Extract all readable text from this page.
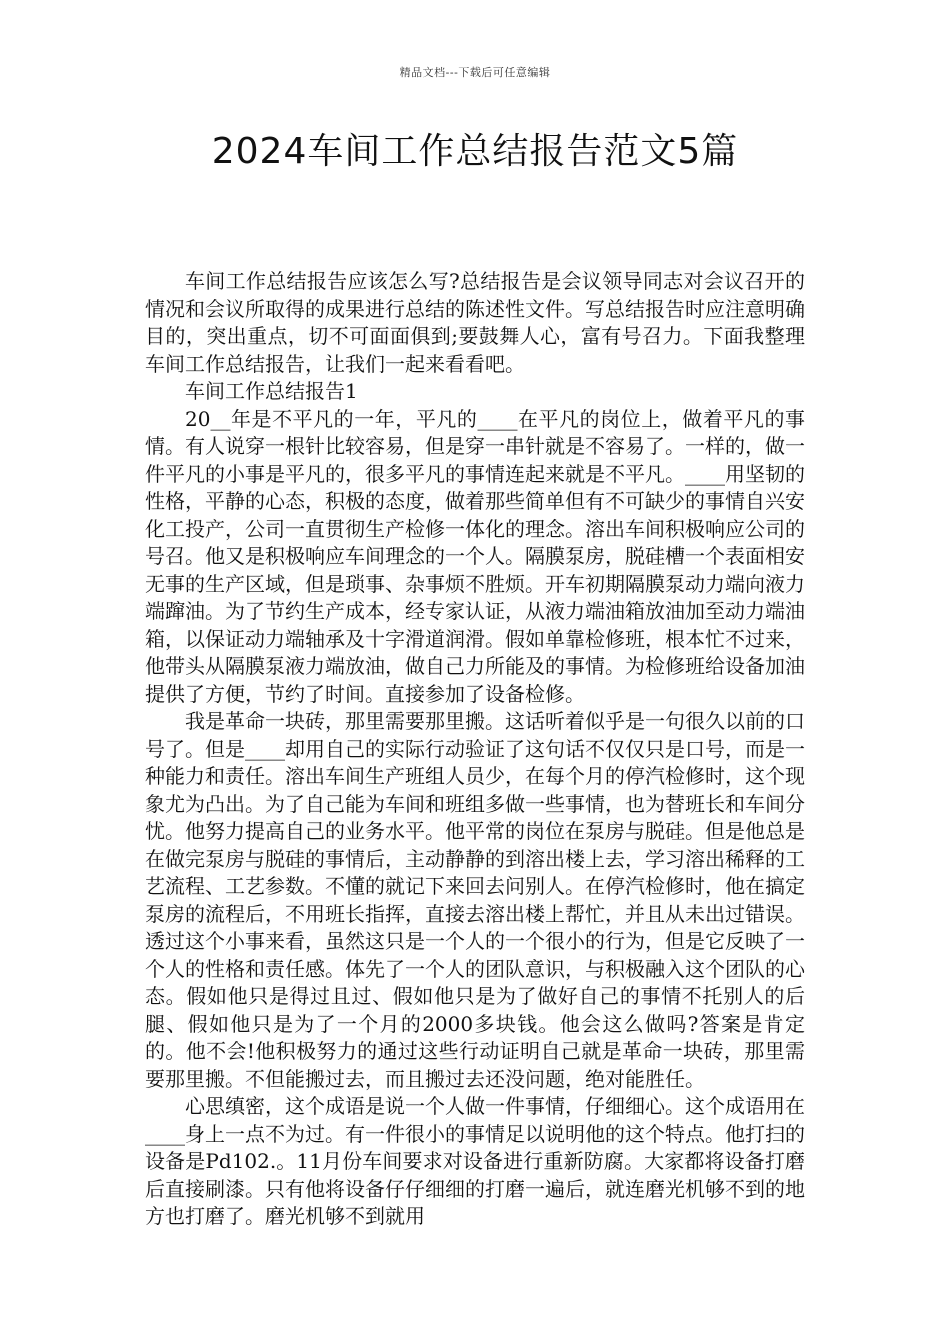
精品文档---下载后可任意编辑
2024车间工作总结报告范文5篇

车间工作总结报告应该怎么写?总结报告是会议领导同志对会议召开的情况和会议所取得的成果进行总结的陈述性文件。写总结报告时应注意明确目的，突出重点，切不可面面俱到;要鼓舞人心，富有号召力。下面我整理车间工作总结报告，让我们一起来看看吧。

车间工作总结报告1

20__年是不平凡的一年，平凡的____在平凡的岗位上，做着平凡的事情。有人说穿一根针比较容易，但是穿一串针就是不容易了。一样的，做一件平凡的小事是平凡的，很多平凡的事情连起来就是不平凡。____用坚韧的性格，平静的心态，积极的态度，做着那些简单但有不可缺少的事情自兴安化工投产，公司一直贯彻生产检修一体化的理念。溶出车间积极响应公司的号召。他又是积极响应车间理念的一个人。隔膜泵房，脱硅槽一个表面相安无事的生产区域，但是琐事、杂事烦不胜烦。开车初期隔膜泵动力端向液力端蹿油。为了节约生产成本，经专家认证，从液力端油箱放油加至动力端油箱，以保证动力端轴承及十字滑道润滑。假如单靠检修班，根本忙不过来，他带头从隔膜泵液力端放油，做自己力所能及的事情。为检修班给设备加油提供了方便，节约了时间。直接参加了设备检修。

我是革命一块砖，那里需要那里搬。这话听着似乎是一句很久以前的口号了。但是____却用自己的实际行动验证了这句话不仅仅只是口号，而是一种能力和责任。溶出车间生产班组人员少，在每个月的停汽检修时，这个现象尤为凸出。为了自己能为车间和班组多做一些事情，也为替班长和车间分忧。他努力提高自己的业务水平。他平常的岗位在泵房与脱硅。但是他总是在做完泵房与脱硅的事情后，主动静静的到溶出楼上去，学习溶出稀释的工艺流程、工艺参数。不懂的就记下来回去问别人。在停汽检修时，他在搞定泵房的流程后，不用班长指挥，直接去溶出楼上帮忙，并且从未出过错误。透过这个小事来看，虽然这只是一个人的一个很小的行为，但是它反映了一个人的性格和责任感。体先了一个人的团队意识，与积极融入这个团队的心态。假如他只是得过且过、假如他只是为了做好自己的事情不托别人的后腿、假如他只是为了一个月的2000多块钱。他会这么做吗?答案是肯定的。他不会!他积极努力的通过这些行动证明自己就是革命一块砖，那里需要那里搬。不但能搬过去，而且搬过去还没问题，绝对能胜任。

心思缜密，这个成语是说一个人做一件事情，仔细细心。这个成语用在____身上一点不为过。有一件很小的事情足以说明他的这个特点。他打扫的设备是Pd102.。11月份车间要求对设备进行重新防腐。大家都将设备打磨后直接刷漆。只有他将设备仔仔细细的打磨一遍后，就连磨光机够不到的地方也打磨了。磨光机够不到就用
